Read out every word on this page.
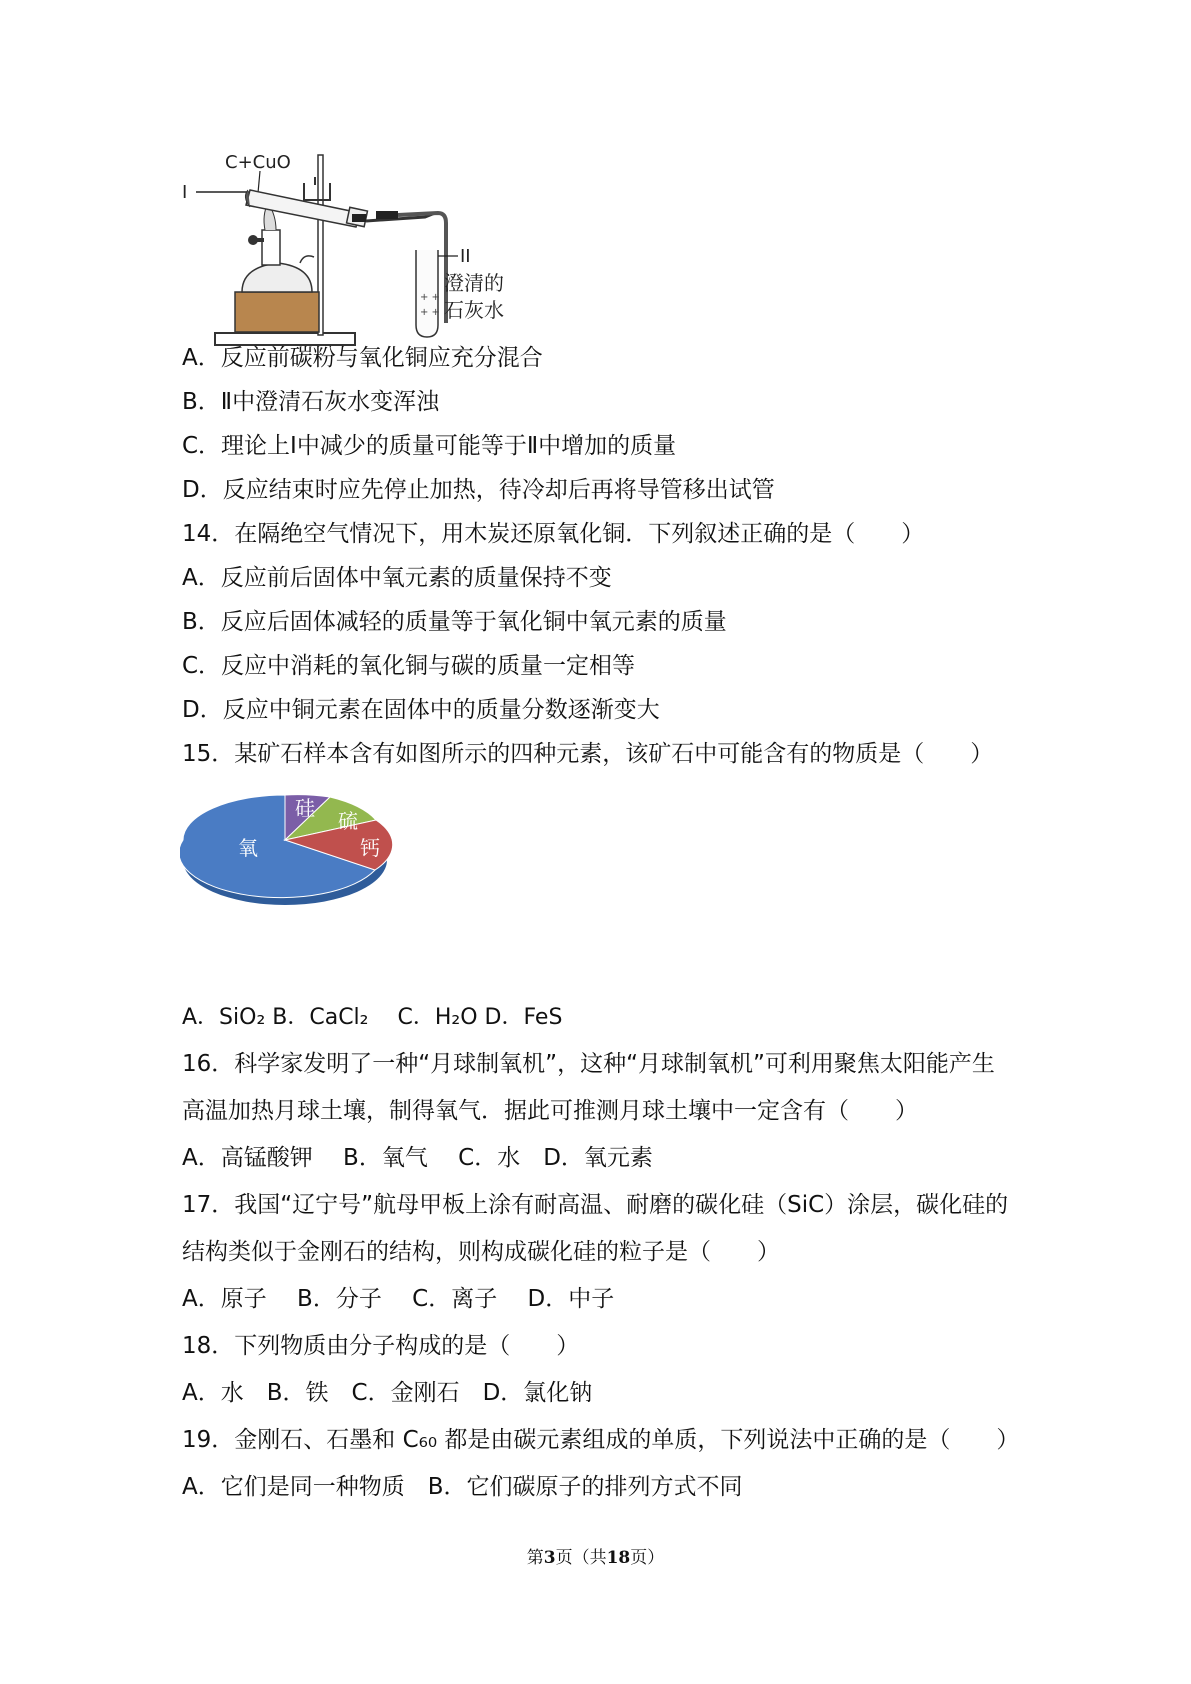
C+CuO
I
+ +
+ +
II
澄清的
石灰水
A．反应前碳粉与氧化铜应充分混合
B．Ⅱ中澄清石灰水变浑浊
C．理论上Ⅰ中减少的质量可能等于Ⅱ中增加的质量
D．反应结束时应先停止加热，待冷却后再将导管移出试管
14．在隔绝空气情况下，用木炭还原氧化铜．下列叙述正确的是（　　）
A．反应前后固体中氧元素的质量保持不变
B．反应后固体减轻的质量等于氧化铜中氧元素的质量
C．反应中消耗的氧化铜与碳的质量一定相等
D．反应中铜元素在固体中的质量分数逐渐变大
15．某矿石样本含有如图所示的四种元素，该矿石中可能含有的物质是（　　）
氧
硅
硫
钙
A．SiO₂ B．CaCl₂　 C．H₂O D．FeS
16．科学家发明了一种“月球制氧机”，这种“月球制氧机”可利用聚焦太阳能产生
高温加热月球土壤，制得氧气．据此可推测月球土壤中一定含有（　　）
A．高锰酸钾　 B．氧气　 C．水　D．氧元素
17．我国“辽宁号”航母甲板上涂有耐高温、耐磨的碳化硅（SiC）涂层，碳化硅的
结构类似于金刚石的结构，则构成碳化硅的粒子是（　　）
A．原子　 B．分子　 C．离子　 D．中子
18．下列物质由分子构成的是（　　）
A．水　B．铁　C．金刚石　D．氯化钠
19．金刚石、石墨和 C₆₀ 都是由碳元素组成的单质，下列说法中正确的是（　　）
A．它们是同一种物质　B．它们碳原子的排列方式不同
第3页（共18页）
